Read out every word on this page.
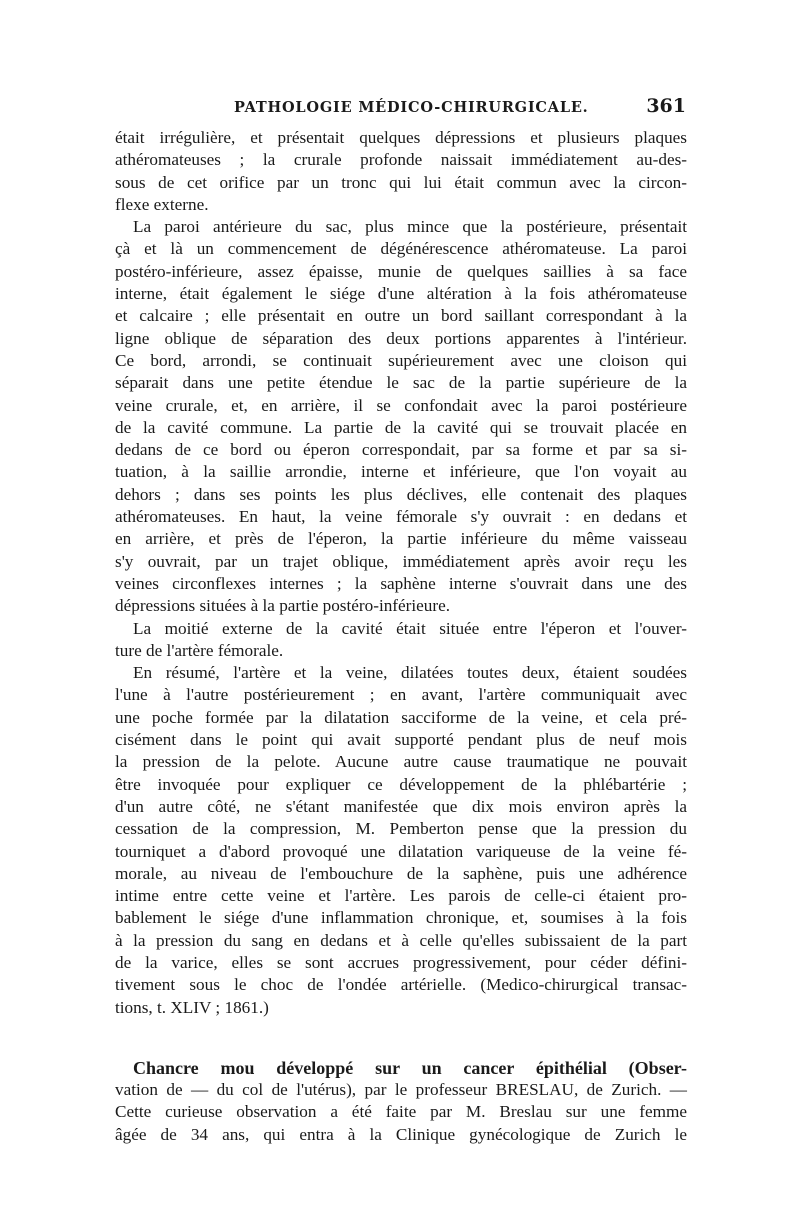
PATHOLOGIE MÉDICO-CHIRURGICALE.	361
était irrégulière, et présentait quelques dépressions et plusieurs plaques
athéromateuses ; la crurale profonde naissait immédiatement au-des-
sous de cet orifice par un tronc qui lui était commun avec la circon-
flexe externe.
La paroi antérieure du sac, plus mince que la postérieure, présentait
çà et là un commencement de dégénérescence athéromateuse. La paroi
postéro-inférieure, assez épaisse, munie de quelques saillies à sa face
interne, était également le siége d'une altération à la fois athéromateuse
et calcaire ; elle présentait en outre un bord saillant correspondant à la
ligne oblique de séparation des deux portions apparentes à l'intérieur.
Ce bord, arrondi, se continuait supérieurement avec une cloison qui
séparait dans une petite étendue le sac de la partie supérieure de la
veine crurale, et, en arrière, il se confondait avec la paroi postérieure
de la cavité commune. La partie de la cavité qui se trouvait placée en
dedans de ce bord ou éperon correspondait, par sa forme et par sa si-
tuation, à la saillie arrondie, interne et inférieure, que l'on voyait au
dehors ; dans ses points les plus déclives, elle contenait des plaques
athéromateuses. En haut, la veine fémorale s'y ouvrait : en dedans et
en arrière, et près de l'éperon, la partie inférieure du même vaisseau
s'y ouvrait, par un trajet oblique, immédiatement après avoir reçu les
veines circonflexes internes ; la saphène interne s'ouvrait dans une des
dépressions situées à la partie postéro-inférieure.
La moitié externe de la cavité était située entre l'éperon et l'ouver-
ture de l'artère fémorale.
En résumé, l'artère et la veine, dilatées toutes deux, étaient soudées
l'une à l'autre postérieurement ; en avant, l'artère communiquait avec
une poche formée par la dilatation sacciforme de la veine, et cela pré-
cisément dans le point qui avait supporté pendant plus de neuf mois
la pression de la pelote. Aucune autre cause traumatique ne pouvait
être invoquée pour expliquer ce développement de la phlébartérie ;
d'un autre côté, ne s'étant manifestée que dix mois environ après la
cessation de la compression, M. Pemberton pense que la pression du
tourniquet a d'abord provoqué une dilatation variqueuse de la veine fé-
morale, au niveau de l'embouchure de la saphène, puis une adhérence
intime entre cette veine et l'artère. Les parois de celle-ci étaient pro-
bablement le siége d'une inflammation chronique, et, soumises à la fois
à la pression du sang en dedans et à celle qu'elles subissaient de la part
de la varice, elles se sont accrues progressivement, pour céder défini-
tivement sous le choc de l'ondée artérielle. (Medico-chirurgical transac-
tions, t. XLIV ; 1861.)
Chancre mou développé sur un cancer épithélial (Obser-
vation de — du col de l'utérus), par le professeur BRESLAU, de Zurich. —
Cette curieuse observation a été faite par M. Breslau sur une femme
âgée de 34 ans, qui entra à la Clinique gynécologique de Zurich le
